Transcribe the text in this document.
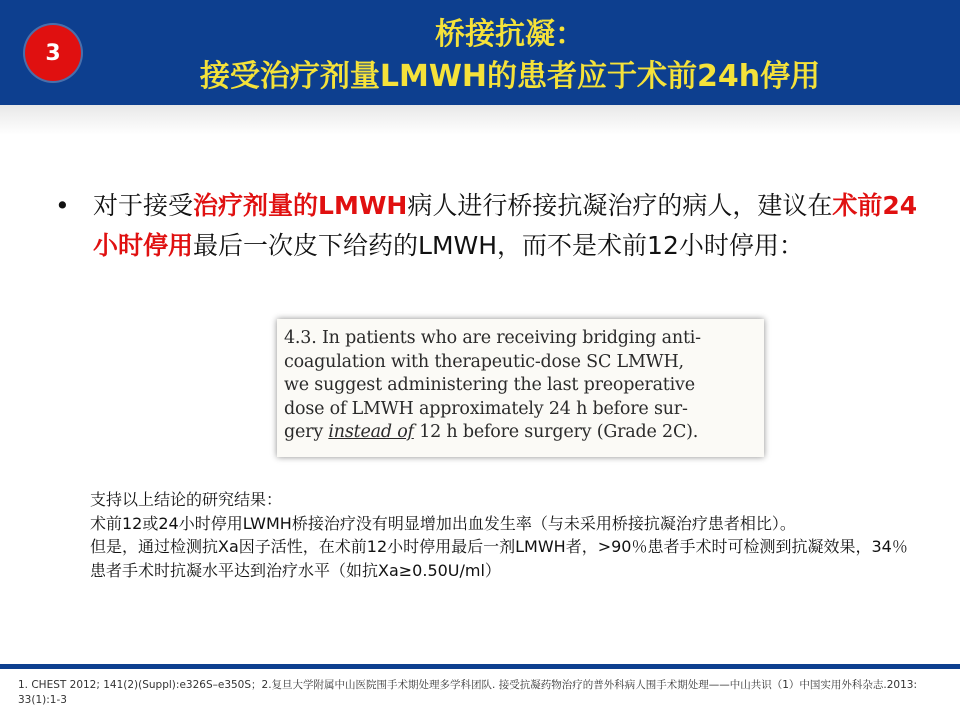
3
桥接抗凝：
接受治疗剂量LMWH的患者应于术前24h停用
• 对于接受治疗剂量的LMWH病人进行桥接抗凝治疗的病人，建议在术前24小时停用最后一次皮下给药的LMWH，而不是术前12小时停用：
4.3. In patients who are receiving bridging anti-
coagulation with therapeutic-dose SC LMWH,
we suggest administering the last preoperative
dose of LMWH approximately 24 h before sur-
gery instead of 12 h before surgery (Grade 2C).
支持以上结论的研究结果：
术前12或24小时停用LWMH桥接治疗没有明显增加出血发生率（与未采用桥接抗凝治疗患者相比）。
但是，通过检测抗Xa因子活性，在术前12小时停用最后一剂LMWH者，>90％患者手术时可检测到抗凝效果，34％患者手术时抗凝水平达到治疗水平（如抗Xa≥0.50U/ml）
1. CHEST 2012; 141(2)(Suppl):e326S–e350S；2.复旦大学附属中山医院围手术期处理多学科团队. 接受抗凝药物治疗的普外科病人围手术期处理——中山共识（1）中国实用外科杂志.2013: 33(1):1-3
